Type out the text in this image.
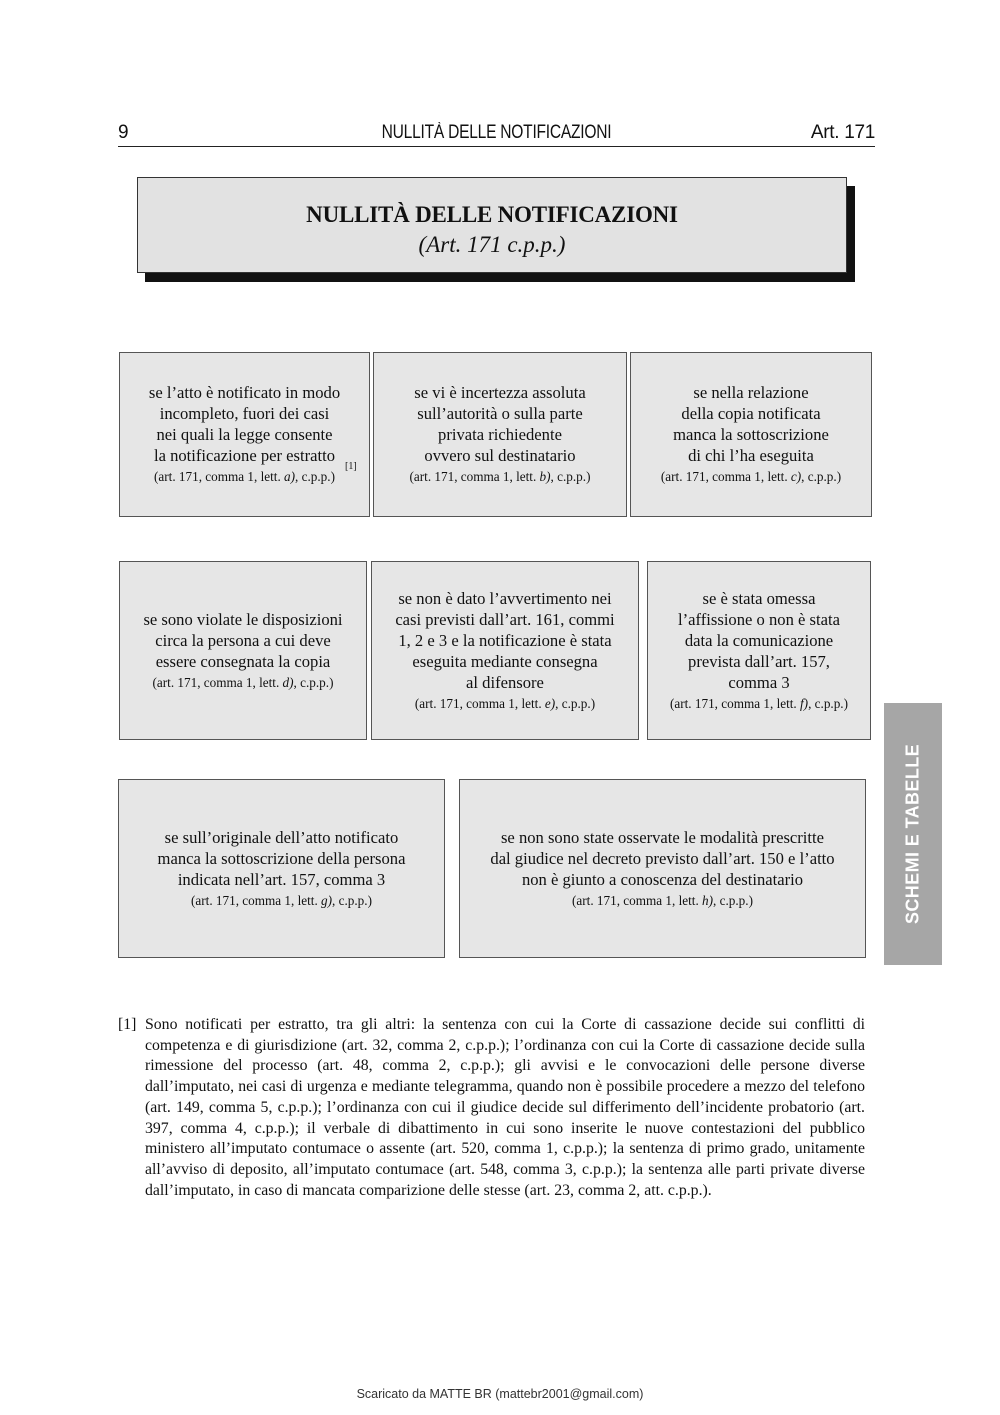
9	NULLITÀ DELLE NOTIFICAZIONI	Art. 171
NULLITÀ DELLE NOTIFICAZIONI
(Art. 171 c.p.p.)
se l’atto è notificato in modo
incompleto, fuori dei casi
nei quali la legge consente
la notificazione per estratto
(art. 171, comma 1, lett. a), c.p.p.)
[1]
se vi è incertezza assoluta
sull’autorità o sulla parte
privata richiedente
ovvero sul destinatario
(art. 171, comma 1, lett. b), c.p.p.)
se nella relazione
della copia notificata
manca la sottoscrizione
di chi l’ha eseguita
(art. 171, comma 1, lett. c), c.p.p.)
se sono violate le disposizioni
circa la persona a cui deve
essere consegnata la copia
(art. 171, comma 1, lett. d), c.p.p.)
se non è dato l’avvertimento nei
casi previsti dall’art. 161, commi
1, 2 e 3 e la notificazione è stata
eseguita mediante consegna
al difensore
(art. 171, comma 1, lett. e), c.p.p.)
se è stata omessa
l’affissione o non è stata
data la comunicazione
prevista dall’art. 157,
comma 3
(art. 171, comma 1, lett. f), c.p.p.)
se sull’originale dell’atto notificato
manca la sottoscrizione della persona
indicata nell’art. 157, comma 3
(art. 171, comma 1, lett. g), c.p.p.)
se non sono state osservate le modalità prescritte
dal giudice nel decreto previsto dall’art. 150 e l’atto
non è giunto a conoscenza del destinatario
(art. 171, comma 1, lett. h), c.p.p.)	SCHEMI E TABELLE
[1] Sono notificati per estratto, tra gli altri: la sentenza con cui la Corte di cassazione decide sui conflitti di competenza e di giurisdizione (art. 32, comma 2, c.p.p.); l’ordinanza con cui la Corte di cassazione decide sulla rimessione del processo (art. 48, comma 2, c.p.p.); gli avvisi e le convocazioni delle persone diverse dall’imputato, nei casi di urgenza e mediante telegramma, quando non è possibile procedere a mezzo del telefono (art. 149, comma 5, c.p.p.); l’ordinanza con cui il giudice decide sul differimento dell’incidente probatorio (art. 397, comma 4, c.p.p.); il verbale di dibattimento in cui sono inserite le nuove contestazioni del pubblico ministero all’imputato contumace o assente (art. 520, comma 1, c.p.p.); la sentenza di primo grado, unitamente all’avviso di deposito, all’imputato contumace (art. 548, comma 3, c.p.p.); la sentenza alle parti private diverse dall’imputato, in caso di mancata comparizione delle stesse (art. 23, comma 2, att. c.p.p.).
Scaricato da MATTE BR (mattebr2001@gmail.com)
